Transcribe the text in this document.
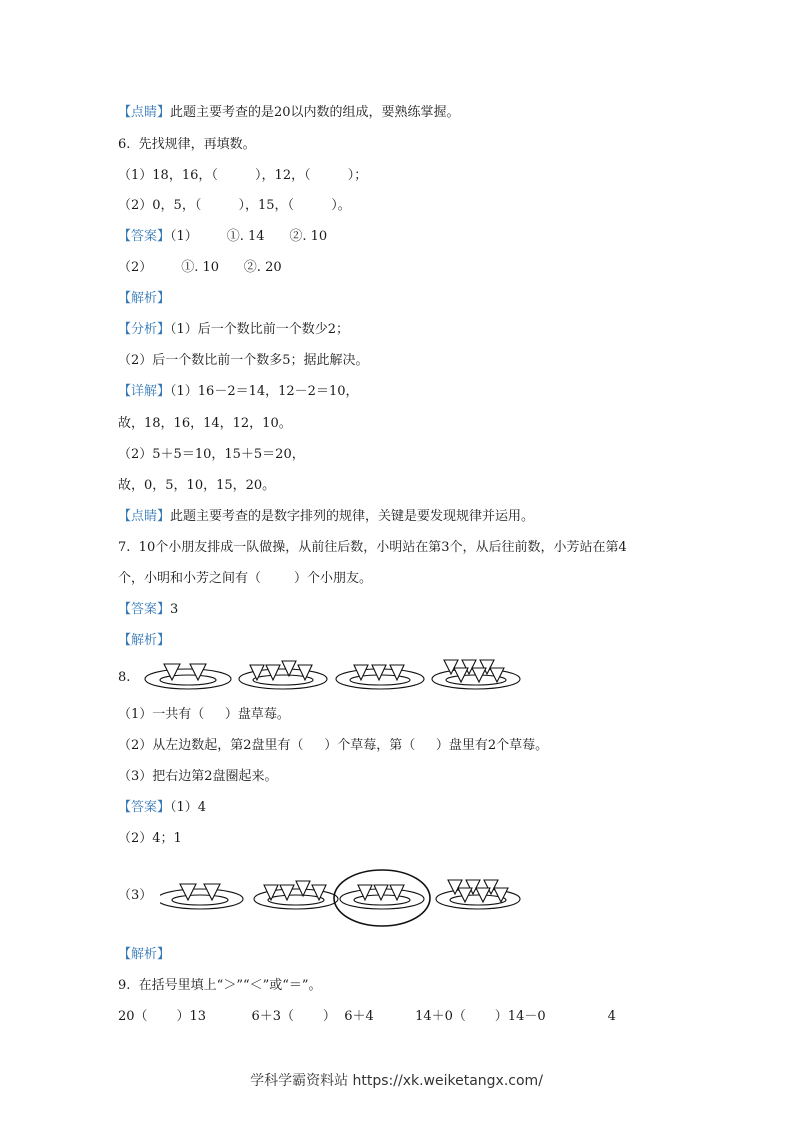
【点睛】此题主要考查的是20以内数的组成，要熟练掌握。
6.  先找规律，再填数。
（1）18，16，（         ），12，（         ）；
（2）0，5，（         ），15，（         ）。
【答案】（1）       ①. 14      ②. 10
（2）       ①. 10      ②. 20
【解析】
【分析】（1）后一个数比前一个数少2；
（2）后一个数比前一个数多5；据此解决。
【详解】（1）16－2＝14，12－2＝10，
故，18，16，14，12，10。
（2）5＋5＝10，15＋5＝20，
故，0，5，10，15，20。
【点睛】此题主要考查的是数字排列的规律，关键是要发现规律并运用。
7.  10个小朋友排成一队做操，从前往后数，小明站在第3个，从后往前数，小芳站在第4
个，小明和小芳之间有（        ）个小朋友。
【答案】3
【解析】
8.
（1）一共有（     ）盘草莓。
（2）从左边数起，第2盘里有（     ）个草莓，第（     ）盘里有2个草莓。
（3）把右边第2盘圈起来。
【答案】（1）4
（2）4；1
（3）
【解析】
9.  在括号里填上“＞”“＜”或“＝”。
20（       ）13           6＋3（       ）  6＋4          14＋0（       ）14－0               4
学科学霸资料站 https://xk.weiketangx.com/
